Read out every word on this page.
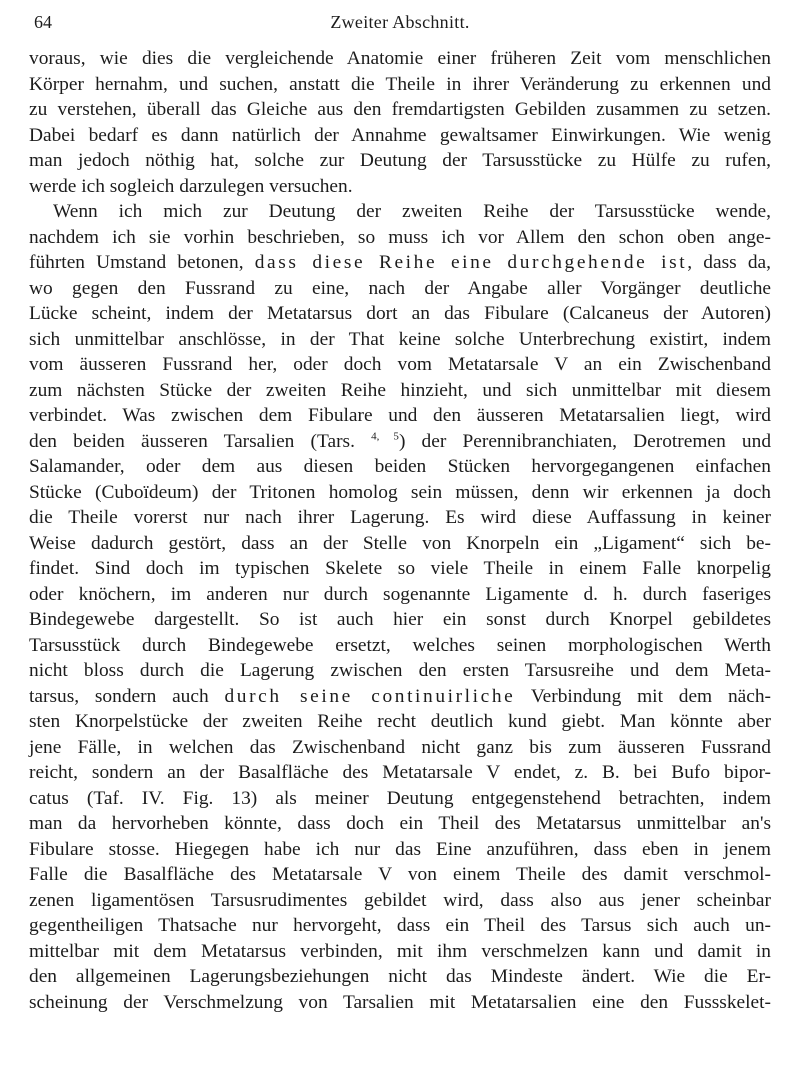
64	Zweiter Abschnitt.
voraus, wie dies die vergleichende Anatomie einer früheren Zeit vom menschlichen
Körper hernahm, und suchen, anstatt die Theile in ihrer Veränderung zu erkennen und
zu verstehen, überall das Gleiche aus den fremdartigsten Gebilden zusammen zu setzen.
Dabei bedarf es dann natürlich der Annahme gewaltsamer Einwirkungen. Wie wenig
man jedoch nöthig hat, solche zur Deutung der Tarsusstücke zu Hülfe zu rufen,
werde ich sogleich darzulegen versuchen.
Wenn ich mich zur Deutung der zweiten Reihe der Tarsusstücke wende,
nachdem ich sie vorhin beschrieben, so muss ich vor Allem den schon oben ange-
führten Umstand betonen, dass diese Reihe eine durchgehende ist, dass da,
wo gegen den Fussrand zu eine, nach der Angabe aller Vorgänger deutliche
Lücke scheint, indem der Metatarsus dort an das Fibulare (Calcaneus der Autoren)
sich unmittelbar anschlösse, in der That keine solche Unterbrechung existirt, indem
vom äusseren Fussrand her, oder doch vom Metatarsale V an ein Zwischenband
zum nächsten Stücke der zweiten Reihe hinzieht, und sich unmittelbar mit diesem
verbindet. Was zwischen dem Fibulare und den äusseren Metatarsalien liegt, wird
den beiden äusseren Tarsalien (Tars. $^{4, 5}$) der Perennibranchiaten, Derotremen und
Salamander, oder dem aus diesen beiden Stücken hervorgegangenen einfachen
Stücke (Cuboïdeum) der Tritonen homolog sein müssen, denn wir erkennen ja doch
die Theile vorerst nur nach ihrer Lagerung. Es wird diese Auffassung in keiner
Weise dadurch gestört, dass an der Stelle von Knorpeln ein „Ligament“ sich be-
findet. Sind doch im typischen Skelete so viele Theile in einem Falle knorpelig
oder knöchern, im anderen nur durch sogenannte Ligamente d. h. durch faseriges
Bindegewebe dargestellt. So ist auch hier ein sonst durch Knorpel gebildetes
Tarsusstück durch Bindegewebe ersetzt, welches seinen morphologischen Werth
nicht bloss durch die Lagerung zwischen den ersten Tarsusreihe und dem Meta-
tarsus, sondern auch durch seine continuirliche Verbindung mit dem näch-
sten Knorpelstücke der zweiten Reihe recht deutlich kund giebt. Man könnte aber
jene Fälle, in welchen das Zwischenband nicht ganz bis zum äusseren Fussrand
reicht, sondern an der Basalfläche des Metatarsale V endet, z. B. bei Bufo bipor-
catus (Taf. IV. Fig. 13) als meiner Deutung entgegenstehend betrachten, indem
man da hervorheben könnte, dass doch ein Theil des Metatarsus unmittelbar an's
Fibulare stosse. Hiegegen habe ich nur das Eine anzuführen, dass eben in jenem
Falle die Basalfläche des Metatarsale V von einem Theile des damit verschmol-
zenen ligamentösen Tarsusrudimentes gebildet wird, dass also aus jener scheinbar
gegentheiligen Thatsache nur hervorgeht, dass ein Theil des Tarsus sich auch un-
mittelbar mit dem Metatarsus verbinden, mit ihm verschmelzen kann und damit in
den allgemeinen Lagerungsbeziehungen nicht das Mindeste ändert. Wie die Er-
scheinung der Verschmelzung von Tarsalien mit Metatarsalien eine den Fussskelet-
